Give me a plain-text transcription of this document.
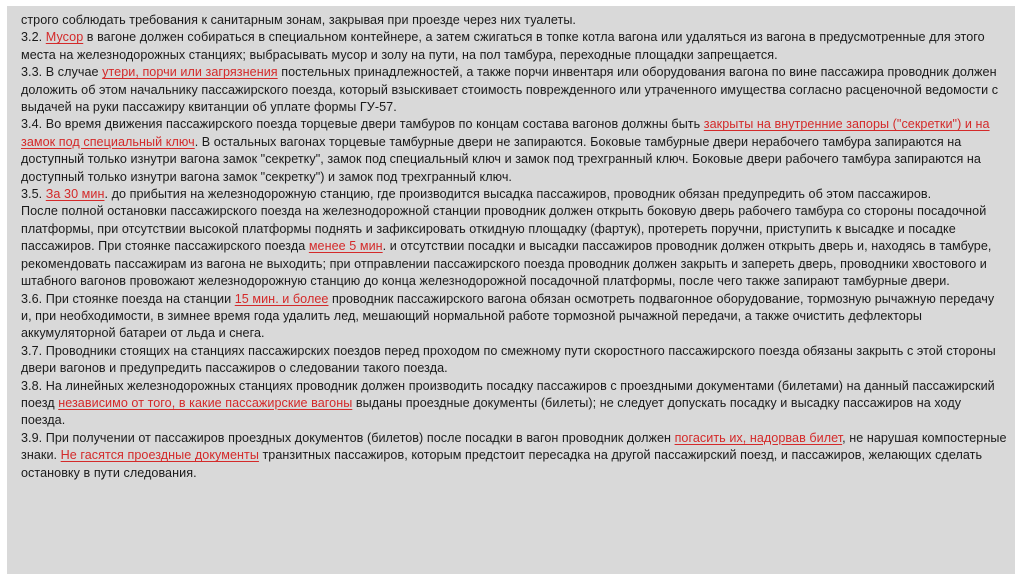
строго соблюдать требования к санитарным зонам, закрывая при проезде через них туалеты.

3.2. Мусор в вагоне должен собираться в специальном контейнере, а затем сжигаться в топке котла вагона или удаляться из вагона в предусмотренные для этого места на железнодорожных станциях; выбрасывать мусор и золу на пути, на пол тамбура, переходные площадки запрещается.

3.3. В случае утери, порчи или загрязнения постельных принадлежностей, а также порчи инвентаря или оборудования вагона по вине пассажира проводник должен доложить об этом начальнику пассажирского поезда, который взыскивает стоимость поврежденного или утраченного имущества согласно расценочной ведомости с выдачей на руки пассажиру квитанции об уплате формы ГУ-57.

3.4. Во время движения пассажирского поезда торцевые двери тамбуров по концам состава вагонов должны быть закрыты на внутренние запоры ("секретки") и на замок под специальный ключ. В остальных вагонах торцевые тамбурные двери не запираются. Боковые тамбурные двери нерабочего тамбура запираются на доступный только изнутри вагона замок "секретку", замок под специальный ключ и замок под трехгранный ключ. Боковые двери рабочего тамбура запираются на доступный только изнутри вагона замок "секретку") и замок под трехгранный ключ.

3.5. За 30 мин. до прибытия на железнодорожную станцию, где производится высадка пассажиров, проводник обязан предупредить об этом пассажиров.

После полной остановки пассажирского поезда на железнодорожной станции проводник должен открыть боковую дверь рабочего тамбура со стороны посадочной платформы, при отсутствии высокой платформы поднять и зафиксировать откидную площадку (фартук), протереть поручни, приступить к высадке и посадке пассажиров. При стоянке пассажирского поезда менее 5 мин. и отсутствии посадки и высадки пассажиров проводник должен открыть дверь и, находясь в тамбуре, рекомендовать пассажирам из вагона не выходить; при отправлении пассажирского поезда проводник должен закрыть и запереть дверь, проводники хвостового и штабного вагонов провожают железнодорожную станцию до конца железнодорожной посадочной платформы, после чего также запирают тамбурные двери.

3.6. При стоянке поезда на станции 15 мин. и более проводник пассажирского вагона обязан осмотреть подвагонное оборудование, тормозную рычажную передачу и, при необходимости, в зимнее время года удалить лед, мешающий нормальной работе тормозной рычажной передачи, а также очистить дефлекторы аккумуляторной батареи от льда и снега.

3.7. Проводники стоящих на станциях пассажирских поездов перед проходом по смежному пути скоростного пассажирского поезда обязаны закрыть с этой стороны двери вагонов и предупредить пассажиров о следовании такого поезда.

3.8. На линейных железнодорожных станциях проводник должен производить посадку пассажиров с проездными документами (билетами) на данный пассажирский поезд независимо от того, в какие пассажирские вагоны выданы проездные документы (билеты); не следует допускать посадку и высадку пассажиров на ходу поезда.

3.9. При получении от пассажиров проездных документов (билетов) после посадки в вагон проводник должен погасить их, надорвав билет, не нарушая компостерные знаки. Не гасятся проездные документы транзитных пассажиров, которым предстоит пересадка на другой пассажирский поезд, и пассажиров, желающих сделать остановку в пути следования.
